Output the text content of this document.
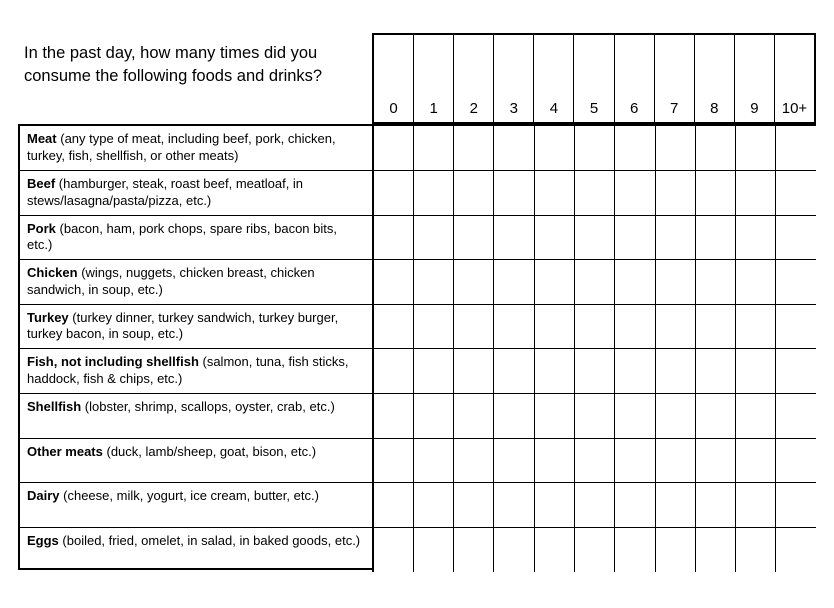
In the past day, how many times did you consume the following foods and drinks?
0	1	2	3	4	5	6	7	8	9	10+
Meat (any type of meat, including beef, pork, chicken, turkey, fish, shellfish, or other meats)											
Beef (hamburger, steak, roast beef, meatloaf, in stews/lasagna/pasta/pizza, etc.)											
Pork (bacon, ham, pork chops, spare ribs, bacon bits, etc.)											
Chicken (wings, nuggets, chicken breast, chicken sandwich, in soup, etc.)											
Turkey (turkey dinner, turkey sandwich, turkey burger, turkey bacon, in soup, etc.)											
Fish, not including shellfish (salmon, tuna, fish sticks, haddock, fish & chips, etc.)											
Shellfish (lobster, shrimp, scallops, oyster, crab, etc.)											
Other meats (duck, lamb/sheep, goat, bison, etc.)											
Dairy (cheese, milk, yogurt, ice cream, butter, etc.)											
Eggs (boiled, fried, omelet, in salad, in baked goods, etc.)											
